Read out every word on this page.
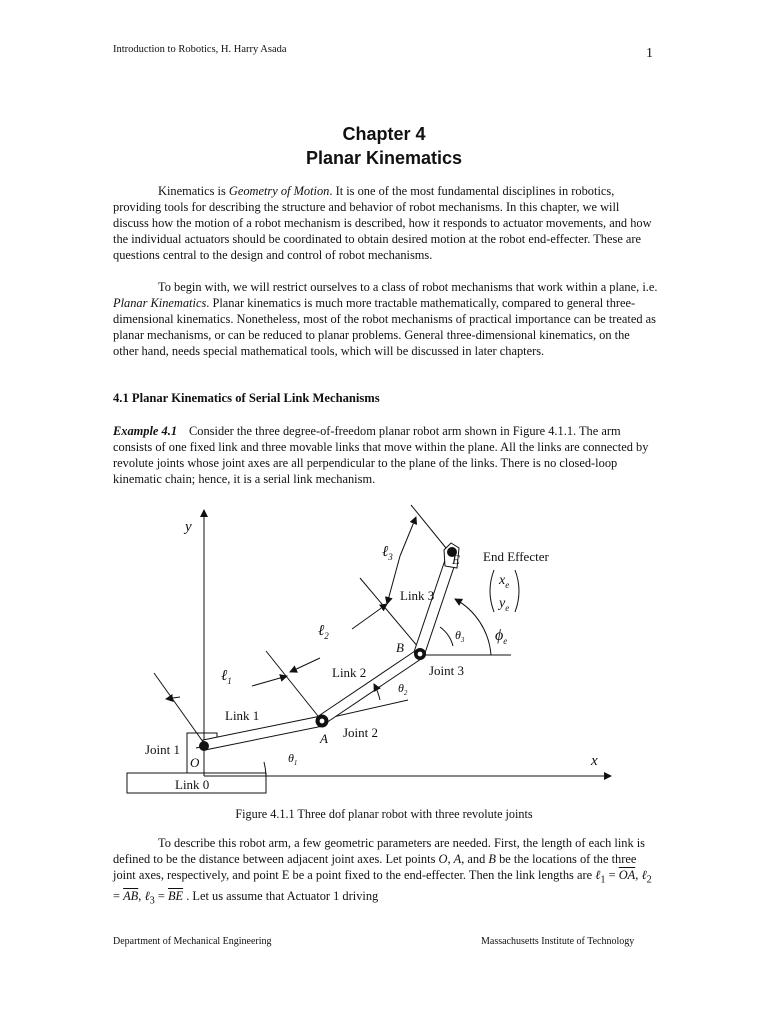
Introduction to Robotics, H. Harry Asada	1
Chapter 4
Planar Kinematics
Kinematics is Geometry of Motion. It is one of the most fundamental disciplines in robotics, providing tools for describing the structure and behavior of robot mechanisms. In this chapter, we will discuss how the motion of a robot mechanism is described, how it responds to actuator movements, and how the individual actuators should be coordinated to obtain desired motion at the robot end-effecter. These are questions central to the design and control of robot mechanisms.
To begin with, we will restrict ourselves to a class of robot mechanisms that work within a plane, i.e. Planar Kinematics. Planar kinematics is much more tractable mathematically, compared to general three-dimensional kinematics. Nonetheless, most of the robot mechanisms of practical importance can be treated as planar mechanisms, or can be reduced to planar problems. General three-dimensional kinematics, on the other hand, needs special mathematical tools, which will be discussed in later chapters.
4.1 Planar Kinematics of Serial Link Mechanisms
Example 4.1 Consider the three degree-of-freedom planar robot arm shown in Figure 4.1.1. The arm consists of one fixed link and three movable links that move within the plane. All the links are connected by revolute joints whose joint axes are all perpendicular to the plane of the links. There is no closed-loop kinematic chain; hence, it is a serial link mechanism.
y
x
ℓ$_1$
ℓ$_2$
ℓ$_3$	End Effecter
$x_e$
$y_e$
$\phi_e$
$\theta_3$
$\theta_2$
$\theta_1$
Link 3
Link 2
Link 1
Link 0
Joint 3
Joint 2
Joint 1
O
A
B
E
Figure 4.1.1 Three dof planar robot with three revolute joints
To describe this robot arm, a few geometric parameters are needed. First, the length of each link is defined to be the distance between adjacent joint axes. Let points O, A, and B be the locations of the three joint axes, respectively, and point E be a point fixed to the end-effecter. Then the link lengths are ℓ$_1$ = $\overline{OA}$, ℓ$_2$ = $\overline{AB}$, ℓ$_3$ = $\overline{BE}$ . Let us assume that Actuator 1 driving
Department of Mechanical Engineering	Massachusetts Institute of Technology
